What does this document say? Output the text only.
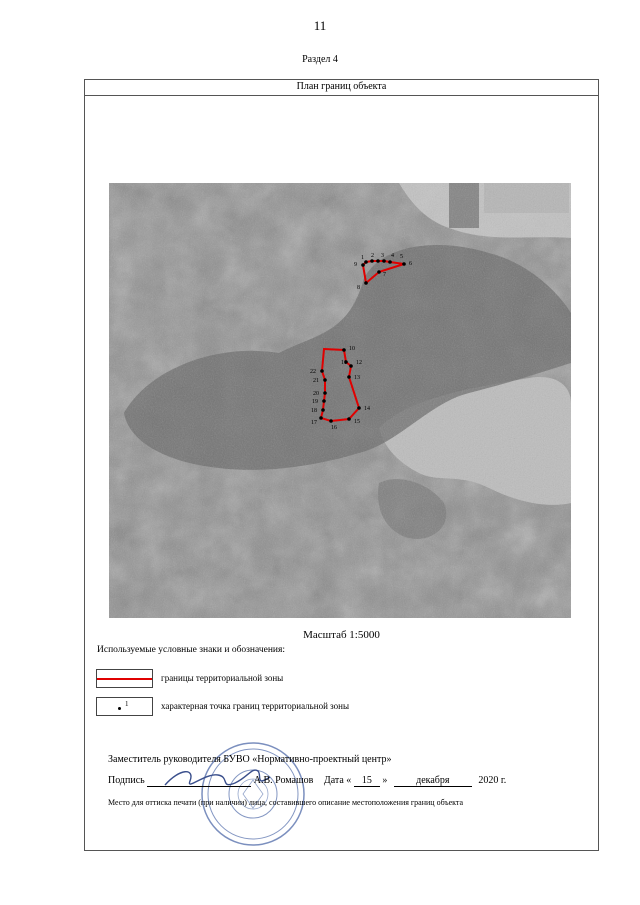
11
Раздел 4
План границ объекта
1 2 3 4 5
6
7
8
9
10
11 12
13
14
15
16
17
18
19
20
21
22
Масштаб 1:5000
Используемые условные знаки и обозначения:
границы территориальной зоны
1	характерная точка границ территориальной зоны
Заместитель руководителя БУВО «Нормативно-проектный центр»
Подпись	А.В. Ромашов Дата « 15 »	декабря	2020 г.
Место для оттиска печати (при наличии) лица, составившего описание местоположения границ объекта
